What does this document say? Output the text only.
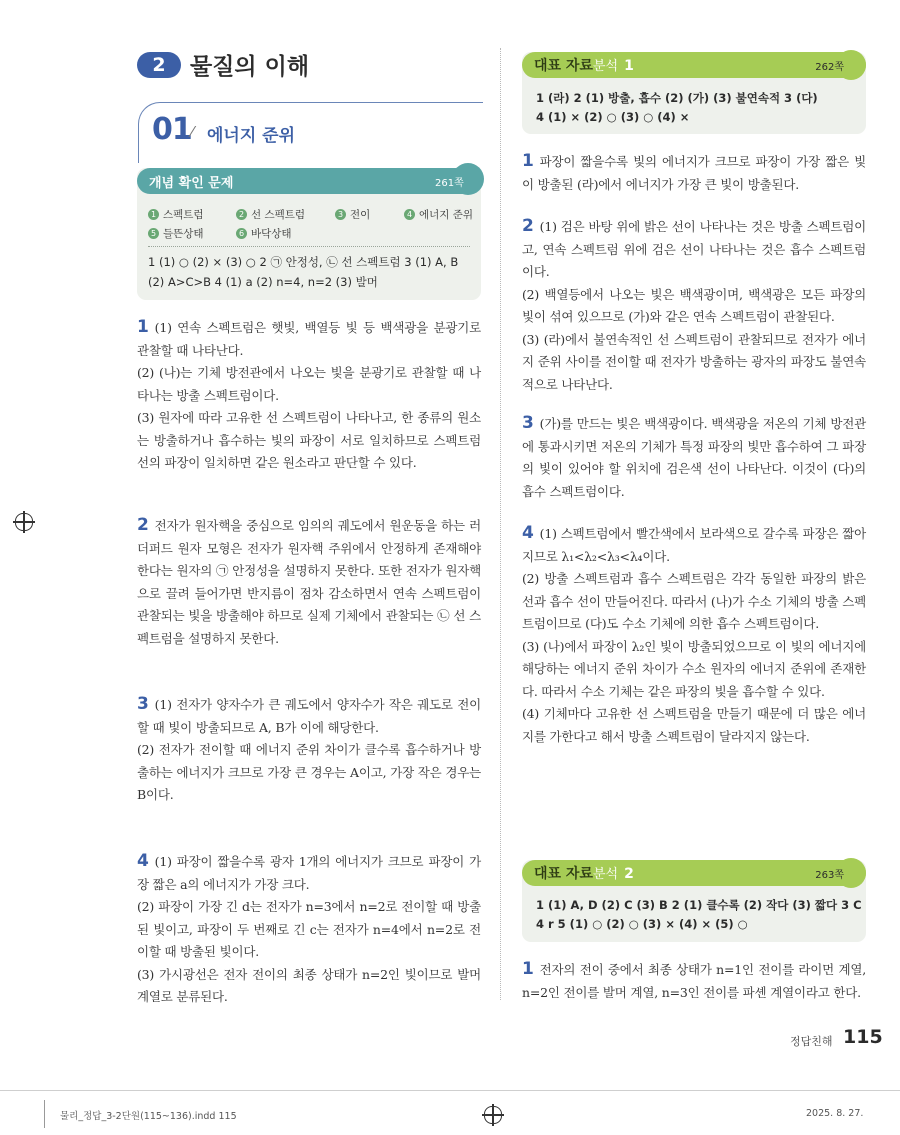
2	물질의 이해
01 ⁄ 에너지 준위
개념 확인 문제	261쪽
1 스펙트럼	2 선 스펙트럼	3 전이	4 에너지 준위
5 들뜬상태	6 바닥상태
1 (1) ○ (2) × (3) ○ 2 ㉠ 안정성, ㉡ 선 스펙트럼 3 (1) A, B
(2) A>C>B 4 (1) a (2) n=4, n=2 (3) 발머

1 (1) 연속 스펙트럼은 햇빛, 백열등 빛 등 백색광을 분광기로 관찰할 때 나타난다.

(2) (나)는 기체 방전관에서 나오는 빛을 분광기로 관찰할 때 나타나는 방출 스펙트럼이다.

(3) 원자에 따라 고유한 선 스펙트럼이 나타나고, 한 종류의 원소는 방출하거나 흡수하는 빛의 파장이 서로 일치하므로 스펙트럼 선의 파장이 일치하면 같은 원소라고 판단할 수 있다.

2 전자가 원자핵을 중심으로 임의의 궤도에서 원운동을 하는 러더퍼드 원자 모형은 전자가 원자핵 주위에서 안정하게 존재해야 한다는 원자의 ㉠ 안정성을 설명하지 못한다. 또한 전자가 원자핵으로 끌려 들어가면 반지름이 점차 감소하면서 연속 스펙트럼이 관찰되는 빛을 방출해야 하므로 실제 기체에서 관찰되는 ㉡ 선 스펙트럼을 설명하지 못한다.

3 (1) 전자가 양자수가 큰 궤도에서 양자수가 작은 궤도로 전이할 때 빛이 방출되므로 A, B가 이에 해당한다.

(2) 전자가 전이할 때 에너지 준위 차이가 클수록 흡수하거나 방출하는 에너지가 크므로 가장 큰 경우는 A이고, 가장 작은 경우는 B이다.

4 (1) 파장이 짧을수록 광자 1개의 에너지가 크므로 파장이 가장 짧은 a의 에너지가 가장 크다.

(2) 파장이 가장 긴 d는 전자가 n=3에서 n=2로 전이할 때 방출된 빛이고, 파장이 두 번째로 긴 c는 전자가 n=4에서 n=2로 전이할 때 방출된 빛이다.

(3) 가시광선은 전자 전이의 최종 상태가 n=2인 빛이므로 발머 계열로 분류된다.

대표 자료분석 1	262쪽
1 (라) 2 (1) 방출, 흡수 (2) (가) (3) 불연속적 3 (다)
4 (1) × (2) ○ (3) ○ (4) ×

1 파장이 짧을수록 빛의 에너지가 크므로 파장이 가장 짧은 빛이 방출된 (라)에서 에너지가 가장 큰 빛이 방출된다.

2 (1) 검은 바탕 위에 밝은 선이 나타나는 것은 방출 스펙트럼이고, 연속 스펙트럼 위에 검은 선이 나타나는 것은 흡수 스펙트럼이다.

(2) 백열등에서 나오는 빛은 백색광이며, 백색광은 모든 파장의 빛이 섞여 있으므로 (가)와 같은 연속 스펙트럼이 관찰된다.

(3) (라)에서 불연속적인 선 스펙트럼이 관찰되므로 전자가 에너지 준위 사이를 전이할 때 전자가 방출하는 광자의 파장도 불연속적으로 나타난다.

3 (가)를 만드는 빛은 백색광이다. 백색광을 저온의 기체 방전관에 통과시키면 저온의 기체가 특정 파장의 빛만 흡수하여 그 파장의 빛이 있어야 할 위치에 검은색 선이 나타난다. 이것이 (다)의 흡수 스펙트럼이다.

4 (1) 스펙트럼에서 빨간색에서 보라색으로 갈수록 파장은 짧아지므로 λ₁<λ₂<λ₃<λ₄이다.

(2) 방출 스펙트럼과 흡수 스펙트럼은 각각 동일한 파장의 밝은 선과 흡수 선이 만들어진다. 따라서 (나)가 수소 기체의 방출 스펙트럼이므로 (다)도 수소 기체에 의한 흡수 스펙트럼이다.

(3) (나)에서 파장이 λ₂인 빛이 방출되었으므로 이 빛의 에너지에 해당하는 에너지 준위 차이가 수소 원자의 에너지 준위에 존재한다. 따라서 수소 기체는 같은 파장의 빛을 흡수할 수 있다.

(4) 기체마다 고유한 선 스펙트럼을 만들기 때문에 더 많은 에너지를 가한다고 해서 방출 스펙트럼이 달라지지 않는다.

대표 자료분석 2	263쪽
1 (1) A, D (2) C (3) B 2 (1) 클수록 (2) 작다 (3) 짧다 3 C
4 r 5 (1) ○ (2) ○ (3) × (4) × (5) ○

1 전자의 전이 중에서 최종 상태가 n=1인 전이를 라이먼 계열, n=2인 전이를 발머 계열, n=3인 전이를 파셴 계열이라고 한다.

정답친해 115
물리_정답_3-2단원(115~136).indd 115	2025. 8. 27.
